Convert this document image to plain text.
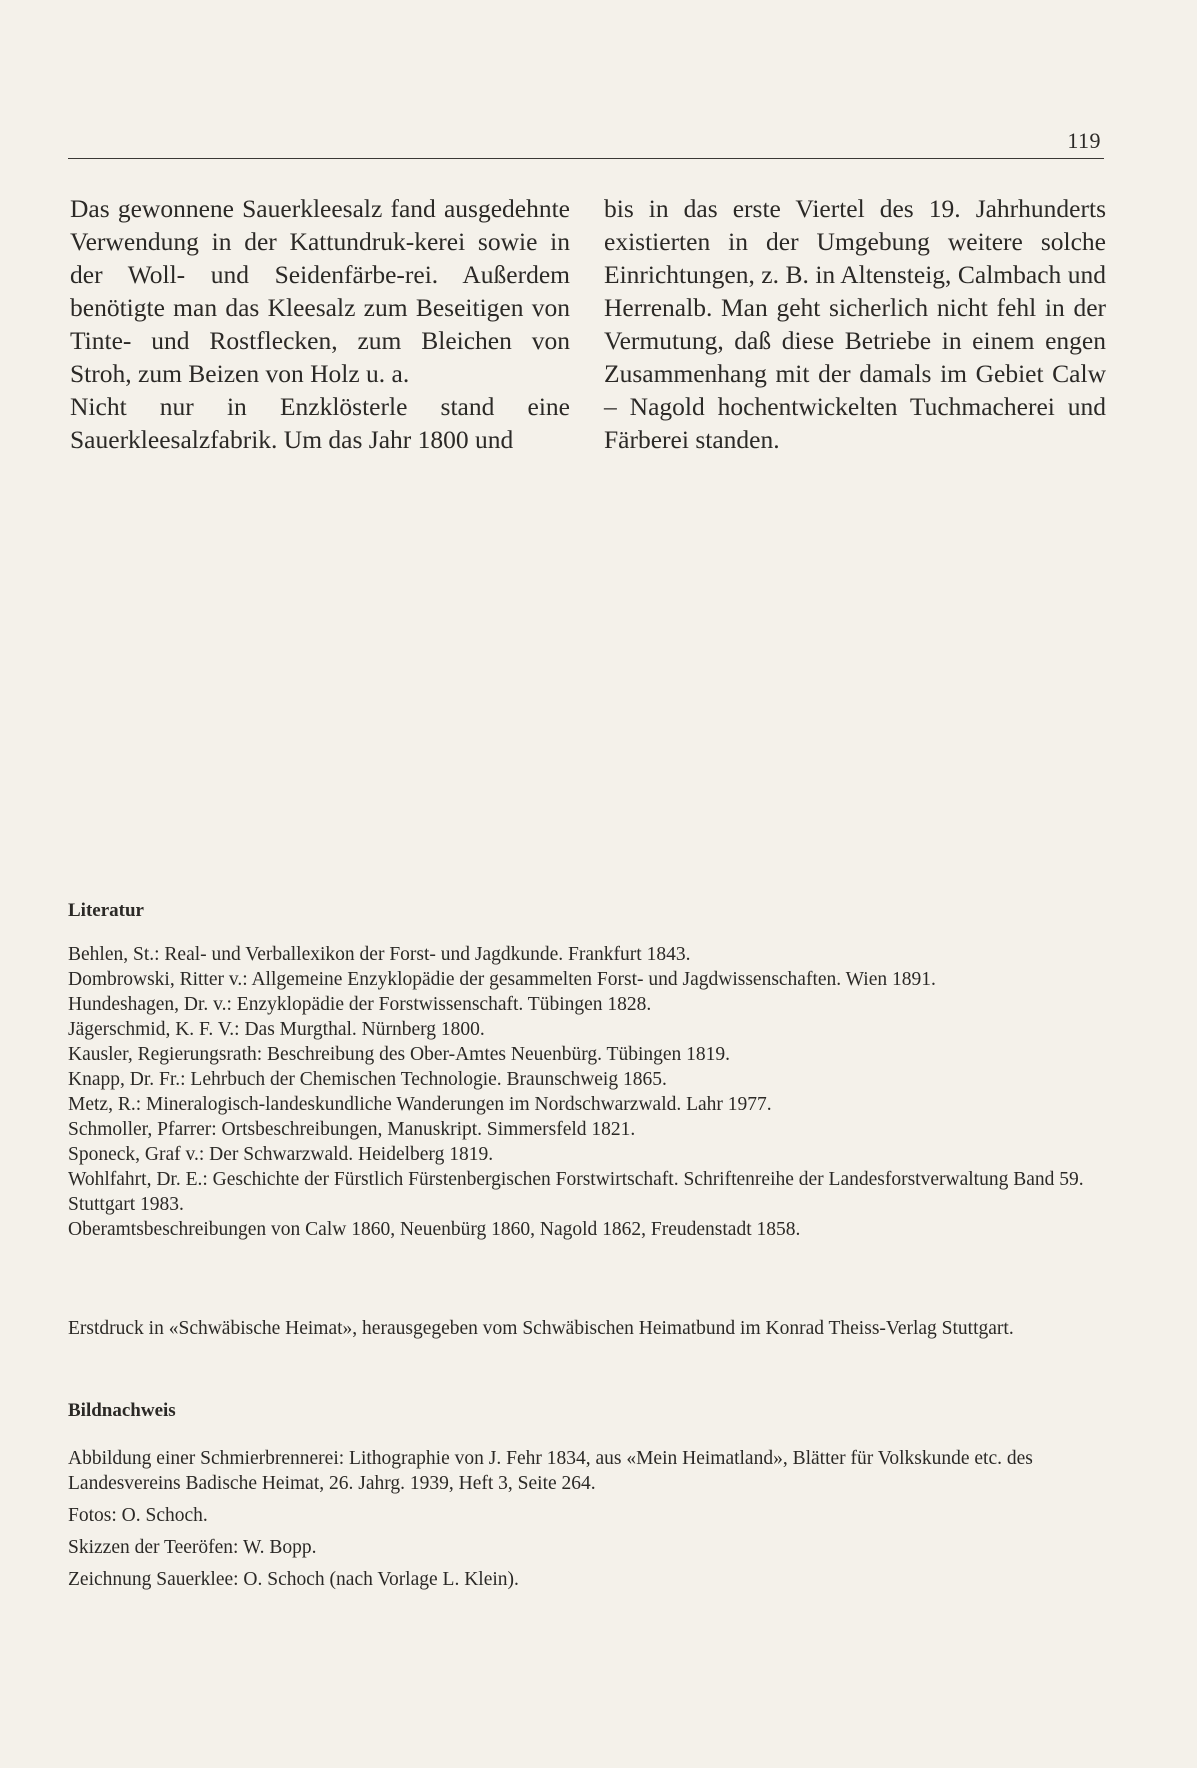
119

Das gewonnene Sauerkleesalz fand ausgedehnte Verwendung in der Kattundruk-kerei sowie in der Woll- und Seidenfärbe-rei. Außerdem benötigte man das Kleesalz zum Beseitigen von Tinte- und Rostflecken, zum Bleichen von Stroh, zum Beizen von Holz u. a.

Nicht nur in Enzklösterle stand eine Sauerkleesalzfabrik. Um das Jahr 1800 und

bis in das erste Viertel des 19. Jahrhunderts existierten in der Umgebung weitere solche Einrichtungen, z. B. in Altensteig, Calmbach und Herrenalb. Man geht sicherlich nicht fehl in der Vermutung, daß diese Betriebe in einem engen Zusammenhang mit der damals im Gebiet Calw – Nagold hochentwickelten Tuchmacherei und Färberei standen.

Literatur
Behlen, St.: Real- und Verballexikon der Forst- und Jagdkunde. Frankfurt 1843.
Dombrowski, Ritter v.: Allgemeine Enzyklopädie der gesammelten Forst- und Jagdwissenschaften. Wien 1891.
Hundeshagen, Dr. v.: Enzyklopädie der Forstwissenschaft. Tübingen 1828.
Jägerschmid, K. F. V.: Das Murgthal. Nürnberg 1800.
Kausler, Regierungsrath: Beschreibung des Ober-Amtes Neuenbürg. Tübingen 1819.
Knapp, Dr. Fr.: Lehrbuch der Chemischen Technologie. Braunschweig 1865.
Metz, R.: Mineralogisch-landeskundliche Wanderungen im Nordschwarzwald. Lahr 1977.
Schmoller, Pfarrer: Ortsbeschreibungen, Manuskript. Simmersfeld 1821.
Sponeck, Graf v.: Der Schwarzwald. Heidelberg 1819.
Wohlfahrt, Dr. E.: Geschichte der Fürstlich Fürstenbergischen Forstwirtschaft. Schriftenreihe der Landesforstverwaltung Band 59. Stuttgart 1983.
Oberamtsbeschreibungen von Calw 1860, Neuenbürg 1860, Nagold 1862, Freudenstadt 1858.

Erstdruck in «Schwäbische Heimat», herausgegeben vom Schwäbischen Heimatbund im Konrad Theiss-Verlag Stuttgart.

Bildnachweis
Abbildung einer Schmierbrennerei: Lithographie von J. Fehr 1834, aus «Mein Heimatland», Blätter für Volkskunde etc. des Landesvereins Badische Heimat, 26. Jahrg. 1939, Heft 3, Seite 264.
Fotos: O. Schoch.
Skizzen der Teeröfen: W. Bopp.
Zeichnung Sauerklee: O. Schoch (nach Vorlage L. Klein).
